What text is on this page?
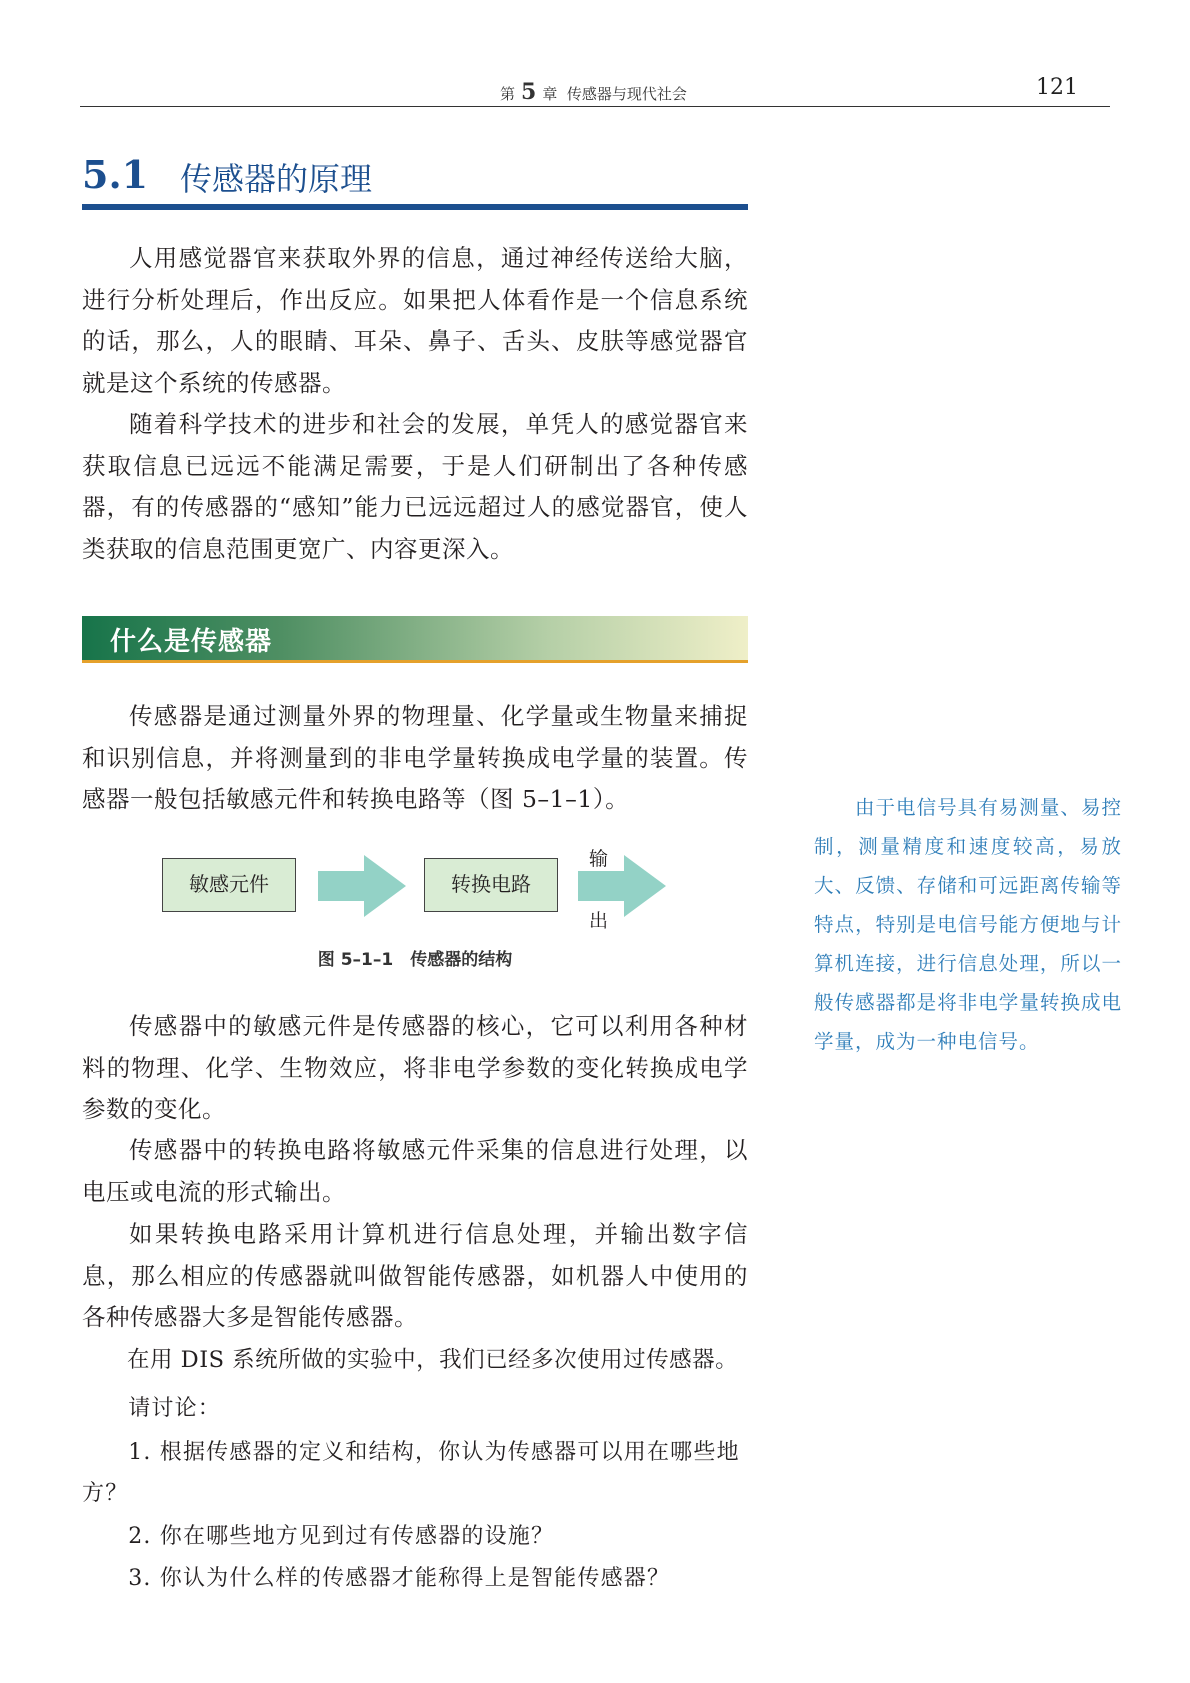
第 5 章 传感器与现代社会	121
5.1 传感器的原理

人用感觉器官来获取外界的信息，通过神经传送给大脑，进行分析处理后，作出反应。如果把人体看作是一个信息系统的话，那么，人的眼睛、耳朵、鼻子、舌头、皮肤等感觉器官就是这个系统的传感器。

随着科学技术的进步和社会的发展，单凭人的感觉器官来获取信息已远远不能满足需要，于是人们研制出了各种传感器，有的传感器的“感知”能力已远远超过人的感觉器官，使人类获取的信息范围更宽广、内容更深入。

什么是传感器

传感器是通过测量外界的物理量、化学量或生物量来捕捉和识别信息，并将测量到的非电学量转换成电学量的装置。传感器一般包括敏感元件和转换电路等（图 5–1–1）。

敏感元件	转换电路
输
出
图 5–1–1　传感器的结构

传感器中的敏感元件是传感器的核心，它可以利用各种材料的物理、化学、生物效应，将非电学参数的变化转换成电学参数的变化。

传感器中的转换电路将敏感元件采集的信息进行处理，以电压或电流的形式输出。

如果转换电路采用计算机进行信息处理，并输出数字信息，那么相应的传感器就叫做智能传感器，如机器人中使用的各种传感器大多是智能传感器。

在用 DIS 系统所做的实验中，我们已经多次使用过传感器。

请讨论：

1. 根据传感器的定义和结构，你认为传感器可以用在哪些地方？

2. 你在哪些地方见到过有传感器的设施？

3. 你认为什么样的传感器才能称得上是智能传感器？

由于电信号具有易测量、易控制，测量精度和速度较高，易放大、反馈、存储和可远距离传输等特点，特别是电信号能方便地与计算机连接，进行信息处理，所以一般传感器都是将非电学量转换成电学量，成为一种电信号。
